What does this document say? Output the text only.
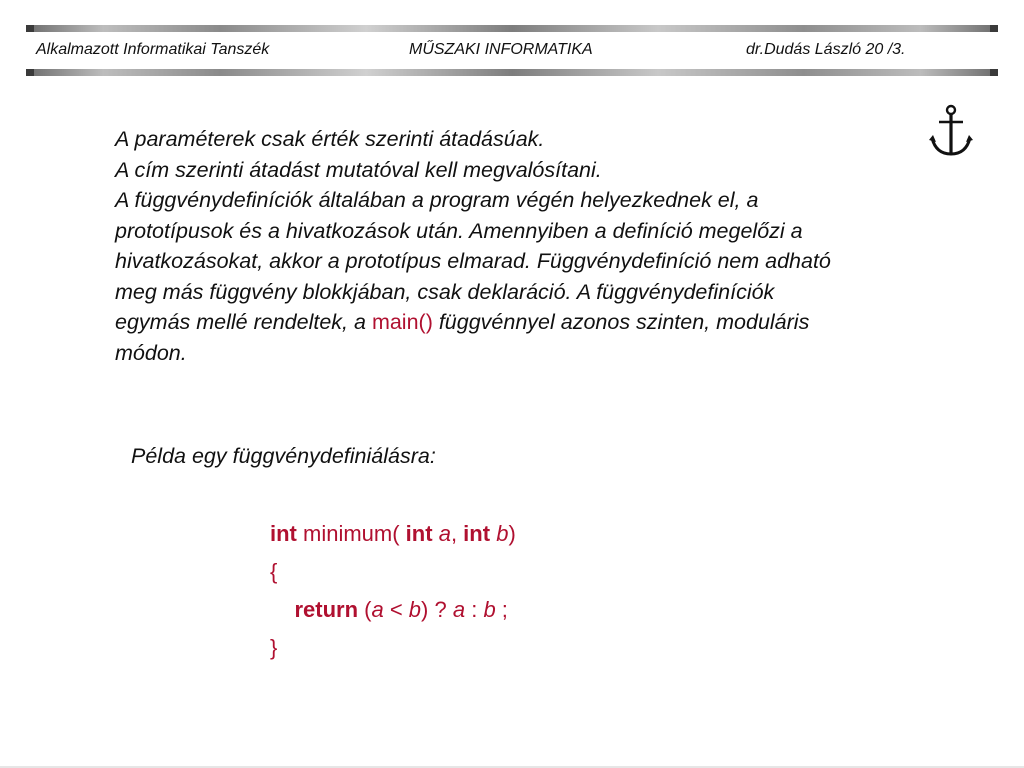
Alkalmazott Informatikai Tanszék	MŰSZAKI INFORMATIKA	dr.Dudás László 20 /3.

A paraméterek csak érték szerinti átadásúak.

A cím szerinti átadást mutatóval kell megvalósítani.

A függvénydefiníciók általában a program végén helyezkednek el, a prototípusok és a hivatkozások után. Amennyiben a definíció megelőzi a hivatkozásokat, akkor a prototípus elmarad. Függvénydefiníció nem adható meg más függvény blokkjában, csak deklaráció. A függvénydefiníciók egymás mellé rendeltek, a main() függvénnyel azonos szinten, moduláris módon.

Példa egy függvénydefiniálásra:
int minimum( int a, int b)
{
return (a < b) ? a : b ;
}
